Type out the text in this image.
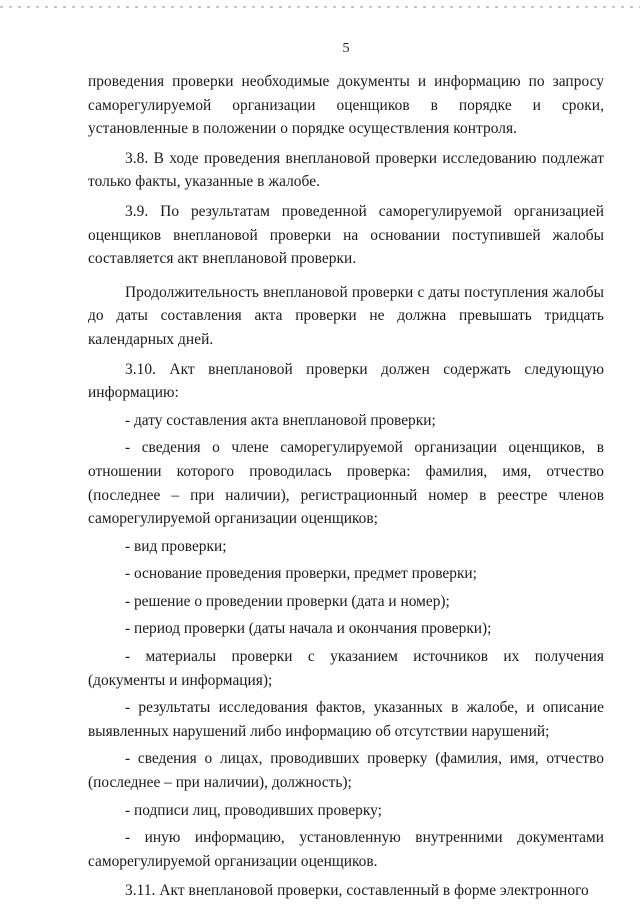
5

проведения проверки необходимые документы и информацию по запросу саморегулируемой организации оценщиков в порядке и сроки, установленные в положении о порядке осуществления контроля.

3.8. В ходе проведения внеплановой проверки исследованию подлежат только факты, указанные в жалобе.

3.9. По результатам проведенной саморегулируемой организацией оценщиков внеплановой проверки на основании поступившей жалобы составляется акт внеплановой проверки.

Продолжительность внеплановой проверки с даты поступления жалобы до даты составления акта проверки не должна превышать тридцать календарных дней.

3.10. Акт внеплановой проверки должен содержать следующую информацию:

- дату составления акта внеплановой проверки;

- сведения о члене саморегулируемой организации оценщиков, в отношении которого проводилась проверка: фамилия, имя, отчество (последнее – при наличии), регистрационный номер в реестре членов саморегулируемой организации оценщиков;

- вид проверки;

- основание проведения проверки, предмет проверки;

- решение о проведении проверки (дата и номер);

- период проверки (даты начала и окончания проверки);

- материалы проверки с указанием источников их получения (документы и информация);

- результаты исследования фактов, указанных в жалобе, и описание выявленных нарушений либо информацию об отсутствии нарушений;

- сведения о лицах, проводивших проверку (фамилия, имя, отчество (последнее – при наличии), должность);

- подписи лиц, проводивших проверку;

- иную информацию, установленную внутренними документами саморегулируемой организации оценщиков.

3.11. Акт внеплановой проверки, составленный в форме электронного
